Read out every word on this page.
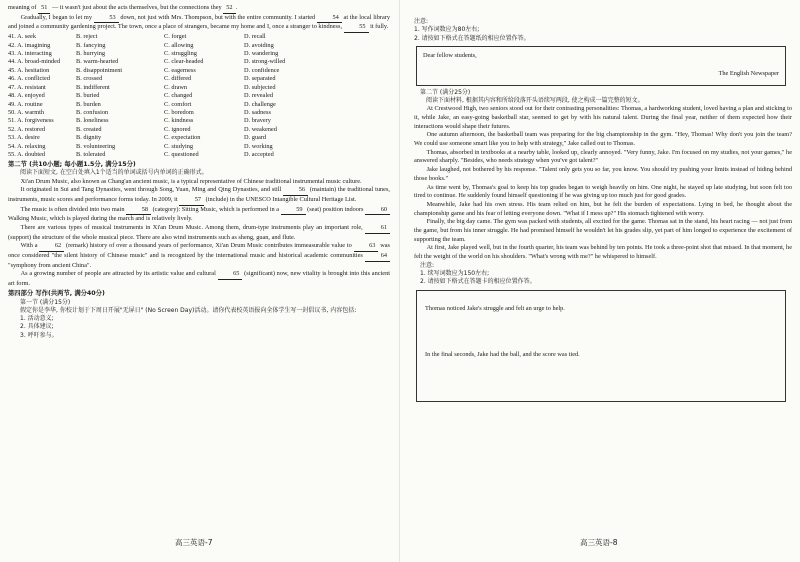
meaning of 51 — it wasn't just about the acts themselves, but the connections they 52 .

Gradually, I began to let my 53 down, not just with Mrs. Thompson, but with the entire community. I started 54 at the local library and joined a community gardening project. The town, once a place of strangers, became my home and I, once a stranger to kindness, 55 it fully.

41. A. seek	B. reject	C. forget	D. recall
42. A. imagining	B. fancying	C. allowing	D. avoiding
43. A. interacting	B. hurrying	C. struggling	D. wandering
44. A. broad-minded	B. warm-hearted	C. clear-headed	D. strong-willed
45. A. hesitation	B. disappointment	C. eagerness	D. confidence
46. A. conflicted	B. crossed	C. differed	D. separated
47. A. resistant	B. indifferent	C. drawn	D. subjected
48. A. enjoyed	B. buried	C. changed	D. revealed
49. A. routine	B. burden	C. comfort	D. challenge
50. A. warmth	B. confusion	C. boredom	D. sadness
51. A. forgiveness	B. loneliness	C. kindness	D. bravery
52. A. restored	B. created	C. ignored	D. weakened
53. A. desire	B. dignity	C. expectation	D. guard
54. A. relaxing	B. volunteering	C. studying	D. working
55. A. doubted	B. tolerated	C. questioned	D. accepted

第二节 (共10小题; 每小题1.5分, 满分15分)

阅读下面短文, 在空白处填入1个适当的单词或括号内单词的正确形式。

Xi'an Drum Music, also known as Chang'an ancient music, is a typical representative of Chinese traditional instrumental music culture.

It originated in Sui and Tang Dynasties, went through Song, Yuan, Ming and Qing Dynasties, and still 56 (maintain) the traditional tunes, instruments, music scores and performance forms today. In 2009, it 57 (include) in the UNESCO Intangible Cultural Heritage List.

The music is often divided into two main 58 (category): Sitting Music, which is performed in a 59 (seat) position indoors 60 Walking Music, which is played during the march and is relatively lively.

There are various types of musical instruments in Xi'an Drum Music. Among them, drum-type instruments play an important role, 61 (support) the structure of the whole musical piece. There are also wind instruments such as sheng, guan, and flute.

With a 62 (remark) history of over a thousand years of performance, Xi'an Drum Music contributes immeasurable value to 63 was once considered "the silent history of Chinese music" and is recognized by the international music and historical academic communities 64 "symphony from ancient China".

As a growing number of people are attracted by its artistic value and cultural 65 (significant) now, new vitality is brought into this ancient art form.

第四部分 写作(共两节, 满分40分)

第一节 (满分15分)

假定你是李华, 你校计划于下周日开展"无屏日" (No Screen Day)活动。请你代表校英语报向全体学生写一封倡议书, 内容包括:

1. 活动意义;
2. 具体建议;
3. 呼吁参与。
高三英语-7

注意:

1. 写作词数应为80左右;

2. 请按如下格式在答题纸的相应位置作答。

Dear fellow students,
The English Newspaper

第二节 (满分25分)

阅读下面材料, 根据其内容和所给段落开头语续写两段, 使之构成一篇完整的短文。

At Crestwood High, two seniors stood out for their contrasting personalities: Thomas, a hardworking student, loved having a plan and sticking to it, while Jake, an easy-going basketball star, seemed to get by with his natural talent. During the final year, neither of them expected how their interactions would shape their futures.

One autumn afternoon, the basketball team was preparing for the big championship in the gym. "Hey, Thomas! Why don't you join the team? We could use someone smart like you to help with strategy," Jake called out to Thomas.

Thomas, absorbed in textbooks at a nearby table, looked up, clearly annoyed. "Very funny, Jake. I'm focused on my studies, not your games," he answered sharply. "Besides, who needs strategy when you've got talent?"

Jake laughed, not bothered by his response. "Talent only gets you so far, you know. You should try pushing your limits instead of hiding behind those books."

As time went by, Thomas's goal to keep his top grades began to weigh heavily on him. One night, he stayed up late studying, but soon felt too tired to continue. He suddenly found himself questioning if he was giving up too much just for good grades.

Meanwhile, Jake had his own stress. His team relied on him, but he felt the burden of expectations. Lying in bed, he thought about the championship game and his fear of letting everyone down. "What if I mess up?" His stomach tightened with worry.

Finally, the big day came. The gym was packed with students, all excited for the game. Thomas sat in the stand, his heart racing — not just from the game, but from his inner struggle. He had promised himself he wouldn't let his grades slip, yet part of him longed to experience the excitement of supporting the team.

At first, Jake played well, but in the fourth quarter, his team was behind by ten points. He took a three-point shot that missed. In that moment, he felt the weight of the world on his shoulders. "What's wrong with me?" he whispered to himself.

注意:

1. 续写词数应为150左右;

2. 请按如下格式在答题卡的相应位置作答。

Thomas noticed Jake's struggle and felt an urge to help.
In the final seconds, Jake had the ball, and the score was tied.
高三英语-8
